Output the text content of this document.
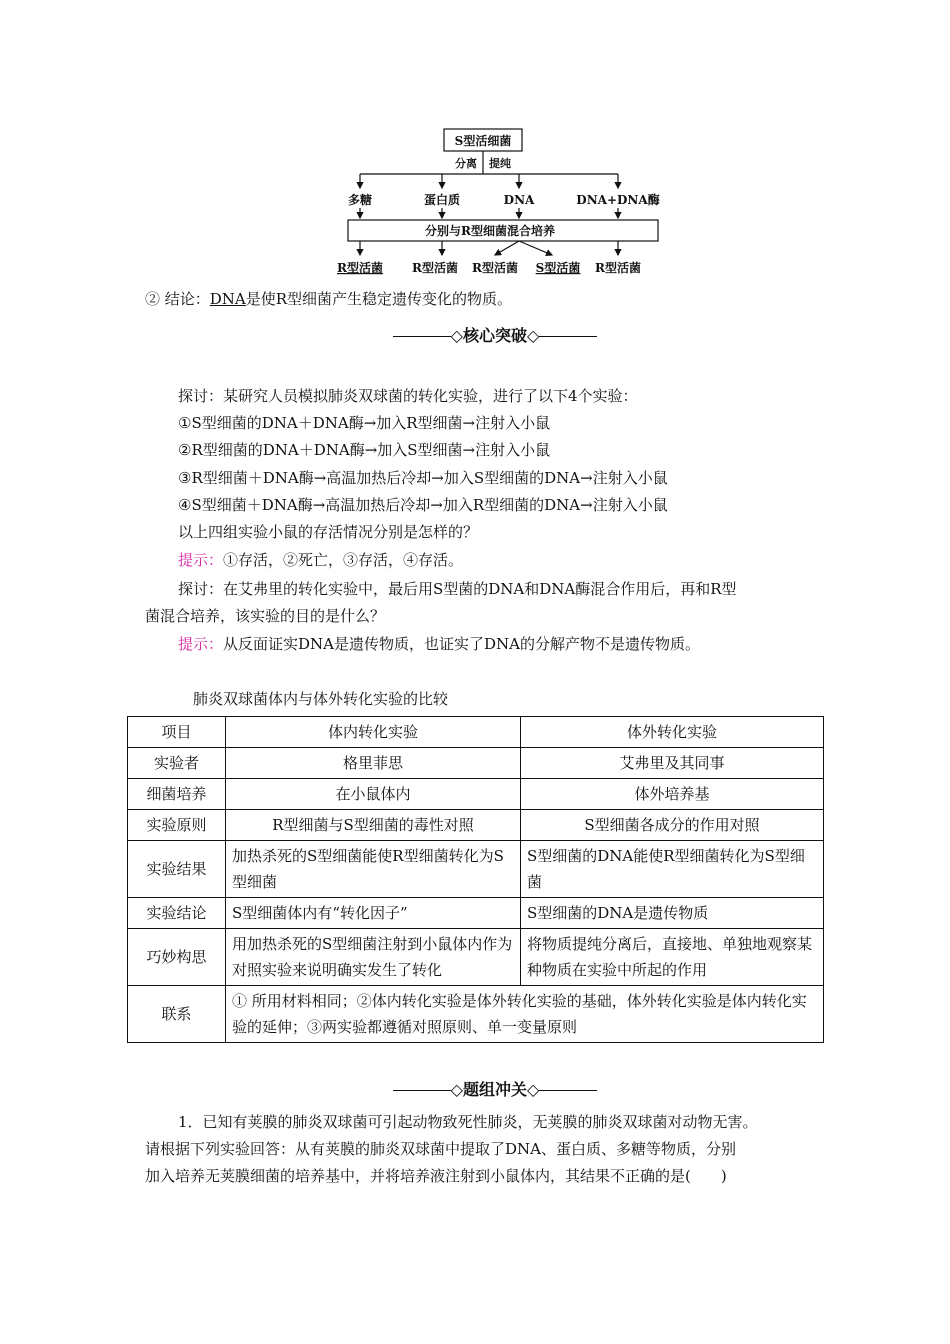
S型活细菌
分离 提纯
多糖	蛋白质	DNA	DNA+DNA酶
分别与R型细菌混合培养
R型活菌 R型活菌 R型活菌 S型活菌 R型活菌
② 结论：DNA是使R型细菌产生稳定遗传变化的物质。
◇核心突破◇
探讨：某研究人员模拟肺炎双球菌的转化实验，进行了以下4个实验：
①S型细菌的DNA＋DNA酶→加入R型细菌→注射入小鼠
②R型细菌的DNA＋DNA酶→加入S型细菌→注射入小鼠
③R型细菌＋DNA酶→高温加热后冷却→加入S型细菌的DNA→注射入小鼠
④S型细菌＋DNA酶→高温加热后冷却→加入R型细菌的DNA→注射入小鼠
以上四组实验小鼠的存活情况分别是怎样的？
提示：①存活，②死亡，③存活，④存活。
探讨：在艾弗里的转化实验中，最后用S型菌的DNA和DNA酶混合作用后，再和R型
菌混合培养，该实验的目的是什么？
提示：从反面证实DNA是遗传物质，也证实了DNA的分解产物不是遗传物质。
肺炎双球菌体内与体外转化实验的比较
项目	体内转化实验	体外转化实验
实验者	格里菲思	艾弗里及其同事
细菌培养	在小鼠体内	体外培养基
实验原则	R型细菌与S型细菌的毒性对照	S型细菌各成分的作用对照
实验结果	加热杀死的S型细菌能使R型细菌转化为S型细菌	S型细菌的DNA能使R型细菌转化为S型细菌
实验结论	S型细菌体内有“转化因子”	S型细菌的DNA是遗传物质
巧妙构思	用加热杀死的S型细菌注射到小鼠体内作为对照实验来说明确实发生了转化	将物质提纯分离后，直接地、单独地观察某种物质在实验中所起的作用
联系	① 所用材料相同；②体内转化实验是体外转化实验的基础，体外转化实验是体内转化实验的延伸；③两实验都遵循对照原则、单一变量原则	
◇题组冲关◇
1．已知有荚膜的肺炎双球菌可引起动物致死性肺炎，无荚膜的肺炎双球菌对动物无害。
请根据下列实验回答：从有荚膜的肺炎双球菌中提取了DNA、蛋白质、多糖等物质，分别
加入培养无荚膜细菌的培养基中，并将培养液注射到小鼠体内，其结果不正确的是(　　)
